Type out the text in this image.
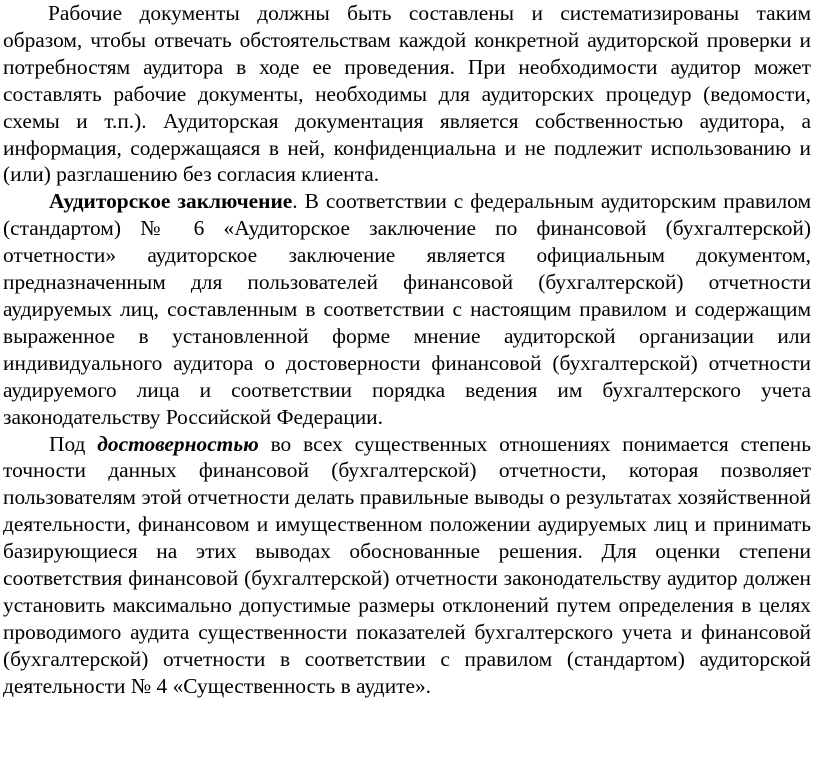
Рабочие документы должны быть составлены и систематизированы таким образом, чтобы отвечать обстоятельствам каждой конкретной аудиторской проверки и потребностям аудитора в ходе ее проведения. При необходимости аудитор может составлять рабочие документы, необходимы для аудиторских процедур (ведомости, схемы и т.п.). Аудиторская документация является собственностью аудитора, а информация, содержащаяся в ней, конфиденциальна и не подлежит использованию и (или) разглашению без согласия клиента.

Аудиторское заключение. В соответствии с федеральным аудиторским правилом (стандартом) № 6 «Аудиторское заключение по финансовой (бухгалтерской) отчетности» аудиторское заключение является официальным документом, предназначенным для пользователей финансовой (бухгалтерской) отчетности аудируемых лиц, составленным в соответствии с настоящим правилом и содержащим выраженное в установленной форме мнение аудиторской организации или индивидуального аудитора о достоверности финансовой (бухгалтерской) отчетности аудируемого лица и соответствии порядка ведения им бухгалтерского учета законодательству Российской Федерации.

Под достоверностью во всех существенных отношениях понимается степень точности данных финансовой (бухгалтерской) отчетности, которая позволяет пользователям этой отчетности делать правильные выводы о результатах хозяйственной деятельности, финансовом и имущественном положении аудируемых лиц и принимать базирующиеся на этих выводах обоснованные решения. Для оценки степени соответствия финансовой (бухгалтерской) отчетности законодательству аудитор должен установить максимально допустимые размеры отклонений путем определения в целях проводимого аудита существенности показателей бухгалтерского учета и финансовой (бухгалтерской) отчетности в соответствии с правилом (стандартом) аудиторской деятельности № 4 «Существенность в аудите».
